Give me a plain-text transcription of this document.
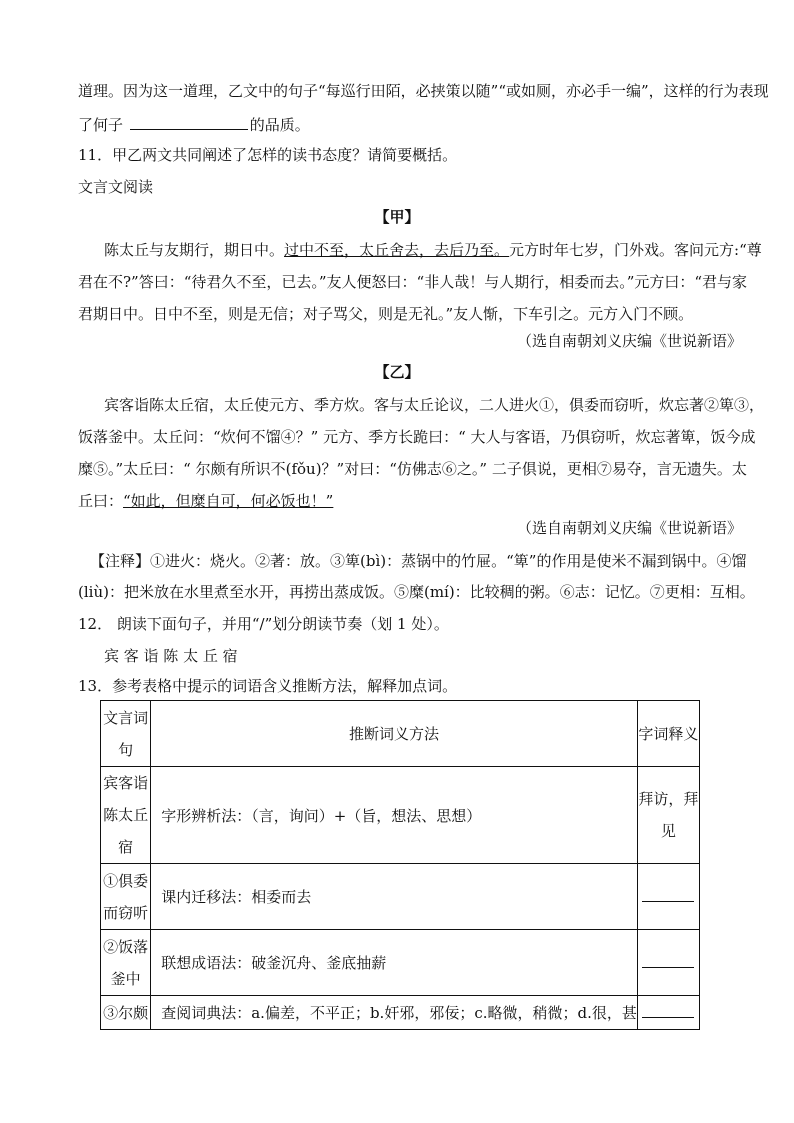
道理。因为这一道理，乙文中的句子“每巡行田陌，必挟策以随”“或如厕，亦必手一编”，这样的行为表现
了何子	的品质。
11．甲乙两文共同阐述了怎样的读书态度？请简要概括。
文言文阅读
【甲】
陈太丘与友期行，期日中。过中不至，太丘舍去，去后乃至。元方时年七岁，门外戏。客问元方:“尊
君在不?”答曰：“待君久不至，已去。”友人便怒曰：“非人哉！与人期行，相委而去。”元方曰：“君与家
君期日中。日中不至，则是无信；对子骂父，则是无礼。”友人惭，下车引之。元方入门不顾。
（选自南朝刘义庆编《世说新语》
【乙】
宾客诣陈太丘宿，太丘使元方、季方炊。客与太丘论议，二人进火①，俱委而窃听，炊忘著②箄③，
饭落釜中。太丘问：“炊何不馏④？” 元方、季方长跪曰：“ 大人与客语，乃俱窃听，炊忘著箄，饭今成
糜⑤。”太丘曰：“ 尔颇有所识不(fǒu)？”对曰：“仿佛志⑥之。” 二子俱说，更相⑦易夺，言无遗失。太
丘曰：“如此，但糜自可，何必饭也！”
（选自南朝刘义庆编《世说新语》
【注释】①进火：烧火。②著：放。③箄(bì)：蒸锅中的竹屉。“箄”的作用是使米不漏到锅中。④馏
(liù)：把米放在水里煮至水开，再捞出蒸成饭。⑤糜(mí)：比较稠的粥。⑥志：记忆。⑦更相：互相。
12． 朗读下面句子，并用“/”划分朗读节奏（划 1 处）。
宾 客 诣 陈 太 丘 宿
13．参考表格中提示的词语含义推断方法，解释加点词。
文言词句	推断词义方法	字词释义
宾客诣陈太丘宿	字形辨析法：（言，询问）+（旨，想法、思想）	拜访，拜见
①俱委而窃听	课内迁移法：相委而去	
②饭落釜中	联想成语法：破釜沉舟、釜底抽薪	
③尔颇	查阅词典法：a.偏差，不平正；b.奸邪，邪佞；c.略微，稍微；d.很，甚	
